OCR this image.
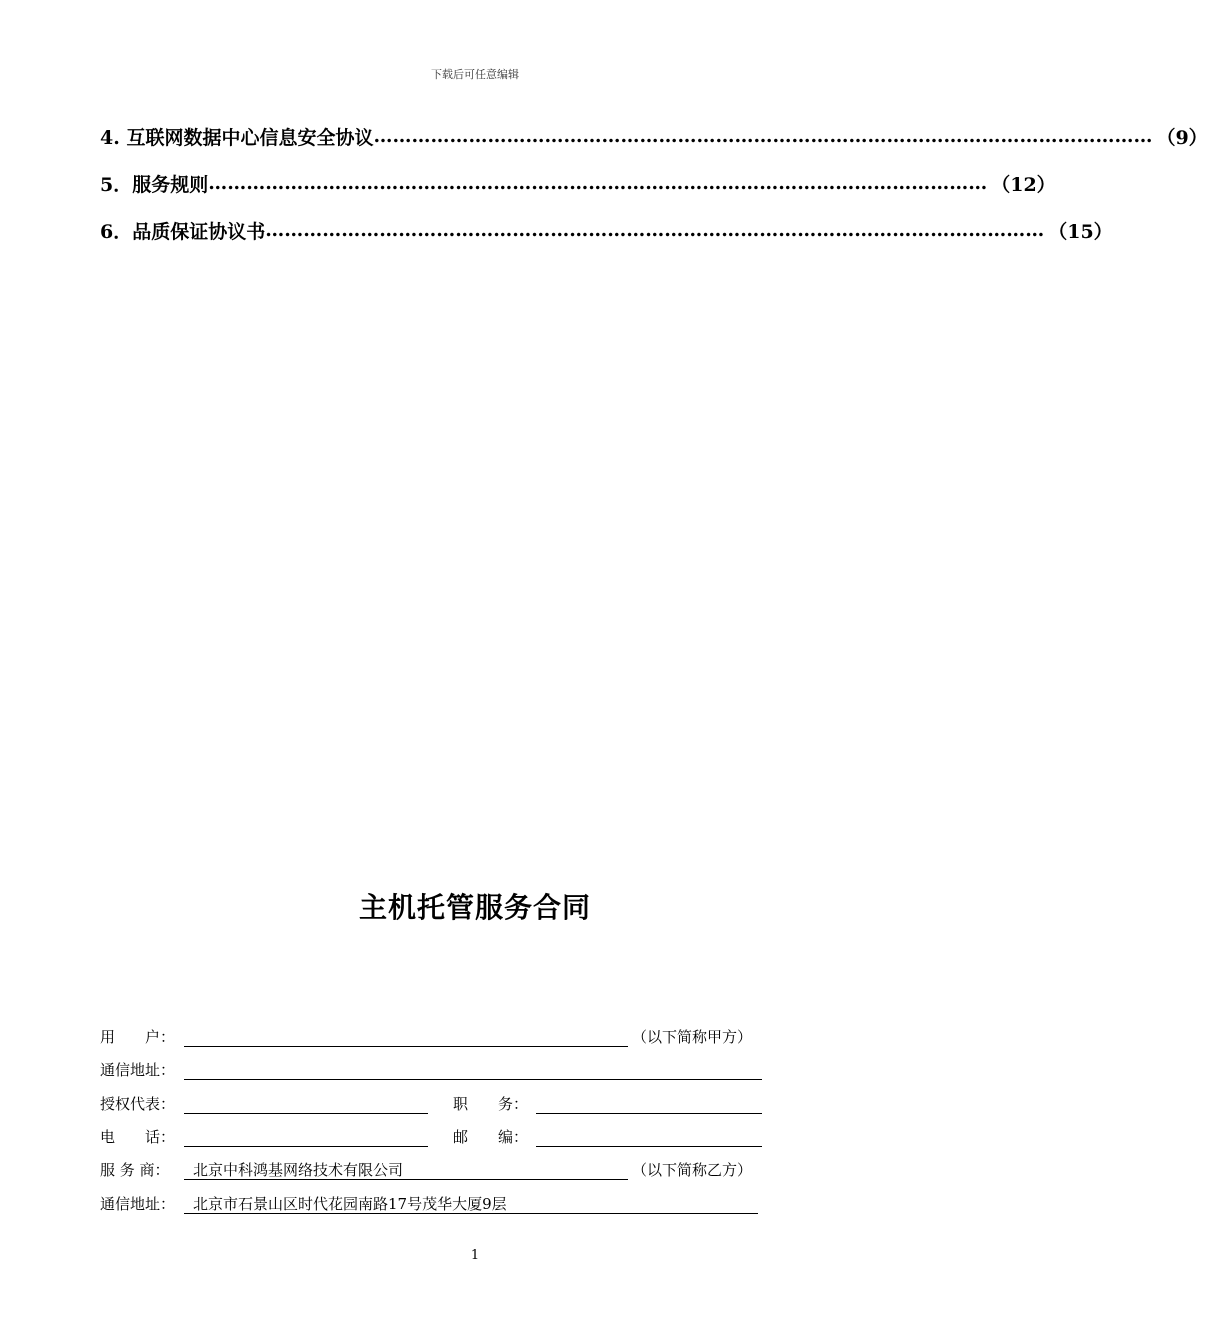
下载后可任意编辑
4. 互联网数据中心信息安全协议 …………………………………………………………………………………………………………… （9）
5．服务规则 …………………………………………………………………………………………………………… （12）
6．品质保证协议书 …………………………………………………………………………………………………………… （15）
主机托管服务合同
用　　户：	（以下简称甲方）
通信地址：
授权代表：	职　　务：
电　　话：	邮　　编：
服 务 商： 北京中科鸿基网络技术有限公司	（以下简称乙方）
通信地址： 北京市石景山区时代花园南路17号茂华大厦9层
1
